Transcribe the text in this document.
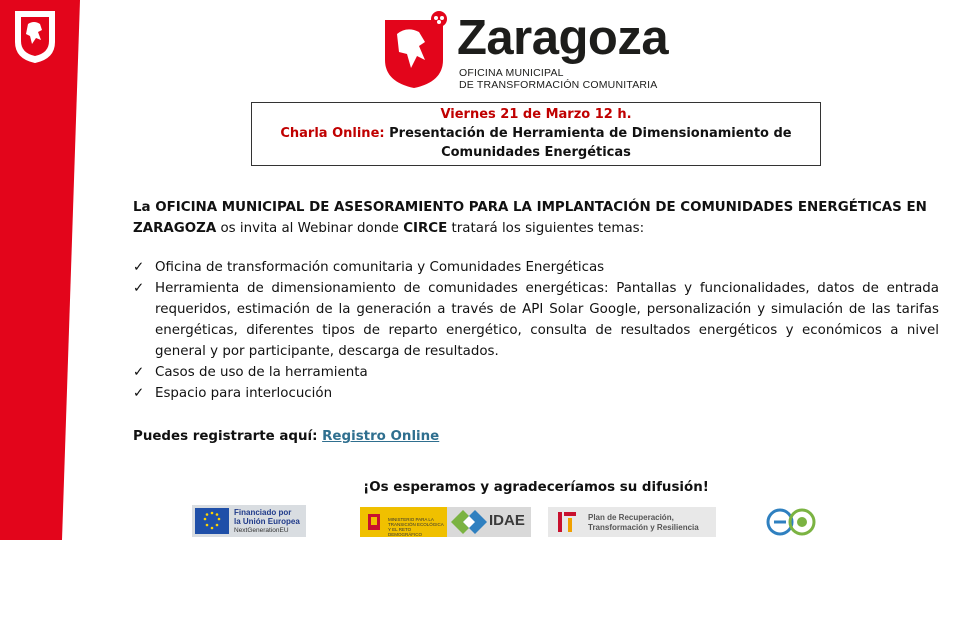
Zaragoza
OFICINA MUNICIPAL
DE TRANSFORMACIÓN COMUNITARIA
Viernes 21 de Marzo 12 h.
Charla Online: Presentación de Herramienta de Dimensionamiento de
Comunidades Energéticas
La OFICINA MUNICIPAL DE ASESORAMIENTO PARA LA IMPLANTACIÓN DE COMUNIDADES ENERGÉTICAS EN ZARAGOZA os invita al Webinar donde CIRCE tratará los siguientes temas:
✓ Oficina de transformación comunitaria y Comunidades Energéticas
✓ Herramienta de dimensionamiento de comunidades energéticas: Pantallas y funcionalidades, datos de entrada requeridos, estimación de la generación a través de API Solar Google, personalización y simulación de las tarifas energéticas, diferentes tipos de reparto energético, consulta de resultados energéticos y económicos a nivel general y por participante, descarga de resultados.
✓ Casos de uso de la herramienta
✓ Espacio para interlocución
Puedes registrarte aquí: Registro Online
¡Os esperamos y agradeceríamos su difusión!
Financiado por
la Unión Europea
NextGenerationEU
MINISTERIO PARA LA TRANSICIÓN ECOLÓGICA Y EL RETO DEMOGRÁFICO
IDAE	Plan de Recuperación,
Transformación y Resiliencia
